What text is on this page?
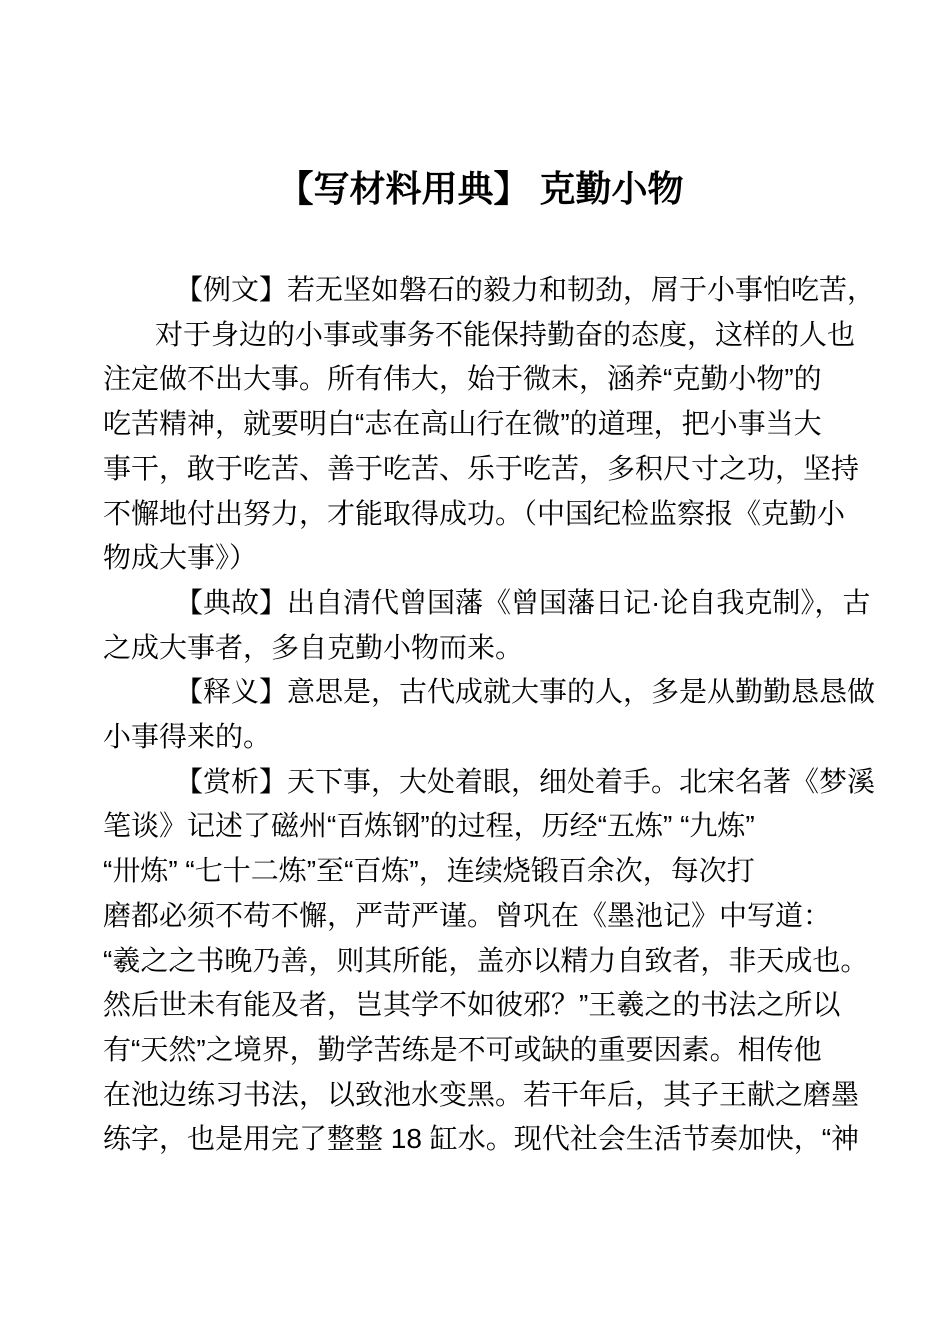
【写材料用典】 克勤小物
【例文】若无坚如磐石的毅力和韧劲，屑于小事怕吃苦，
对于身边的小事或事务不能保持勤奋的态度，这样的人也
注定做不出大事。所有伟大，始于微末，涵养“克勤小物”的
吃苦精神，就要明白“志在高山行在微”的道理，把小事当大
事干，敢于吃苦、善于吃苦、乐于吃苦，多积尺寸之功，坚持
不懈地付出努力，才能取得成功。（中国纪检监察报《克勤小
物成大事》）
【典故】出自清代曾国藩《曾国藩日记·论自我克制》，古
之成大事者，多自克勤小物而来。
【释义】意思是，古代成就大事的人，多是从勤勤恳恳做
小事得来的。
【赏析】天下事，大处着眼，细处着手。北宋名著《梦溪
笔谈》记述了磁州“百炼钢”的过程，历经“五炼” “九炼”
“卅炼” “七十二炼”至“百炼”，连续烧锻百余次，每次打
磨都必须不苟不懈，严苛严谨。曾巩在《墨池记》中写道：
“羲之之书晚乃善，则其所能，盖亦以精力自致者，非天成也。
然后世未有能及者，岂其学不如彼邪？”王羲之的书法之所以
有“天然”之境界，勤学苦练是不可或缺的重要因素。相传他
在池边练习书法，以致池水变黑。若干年后，其子王献之磨墨
练字，也是用完了整整 18 缸水。现代社会生活节奏加快，“神
